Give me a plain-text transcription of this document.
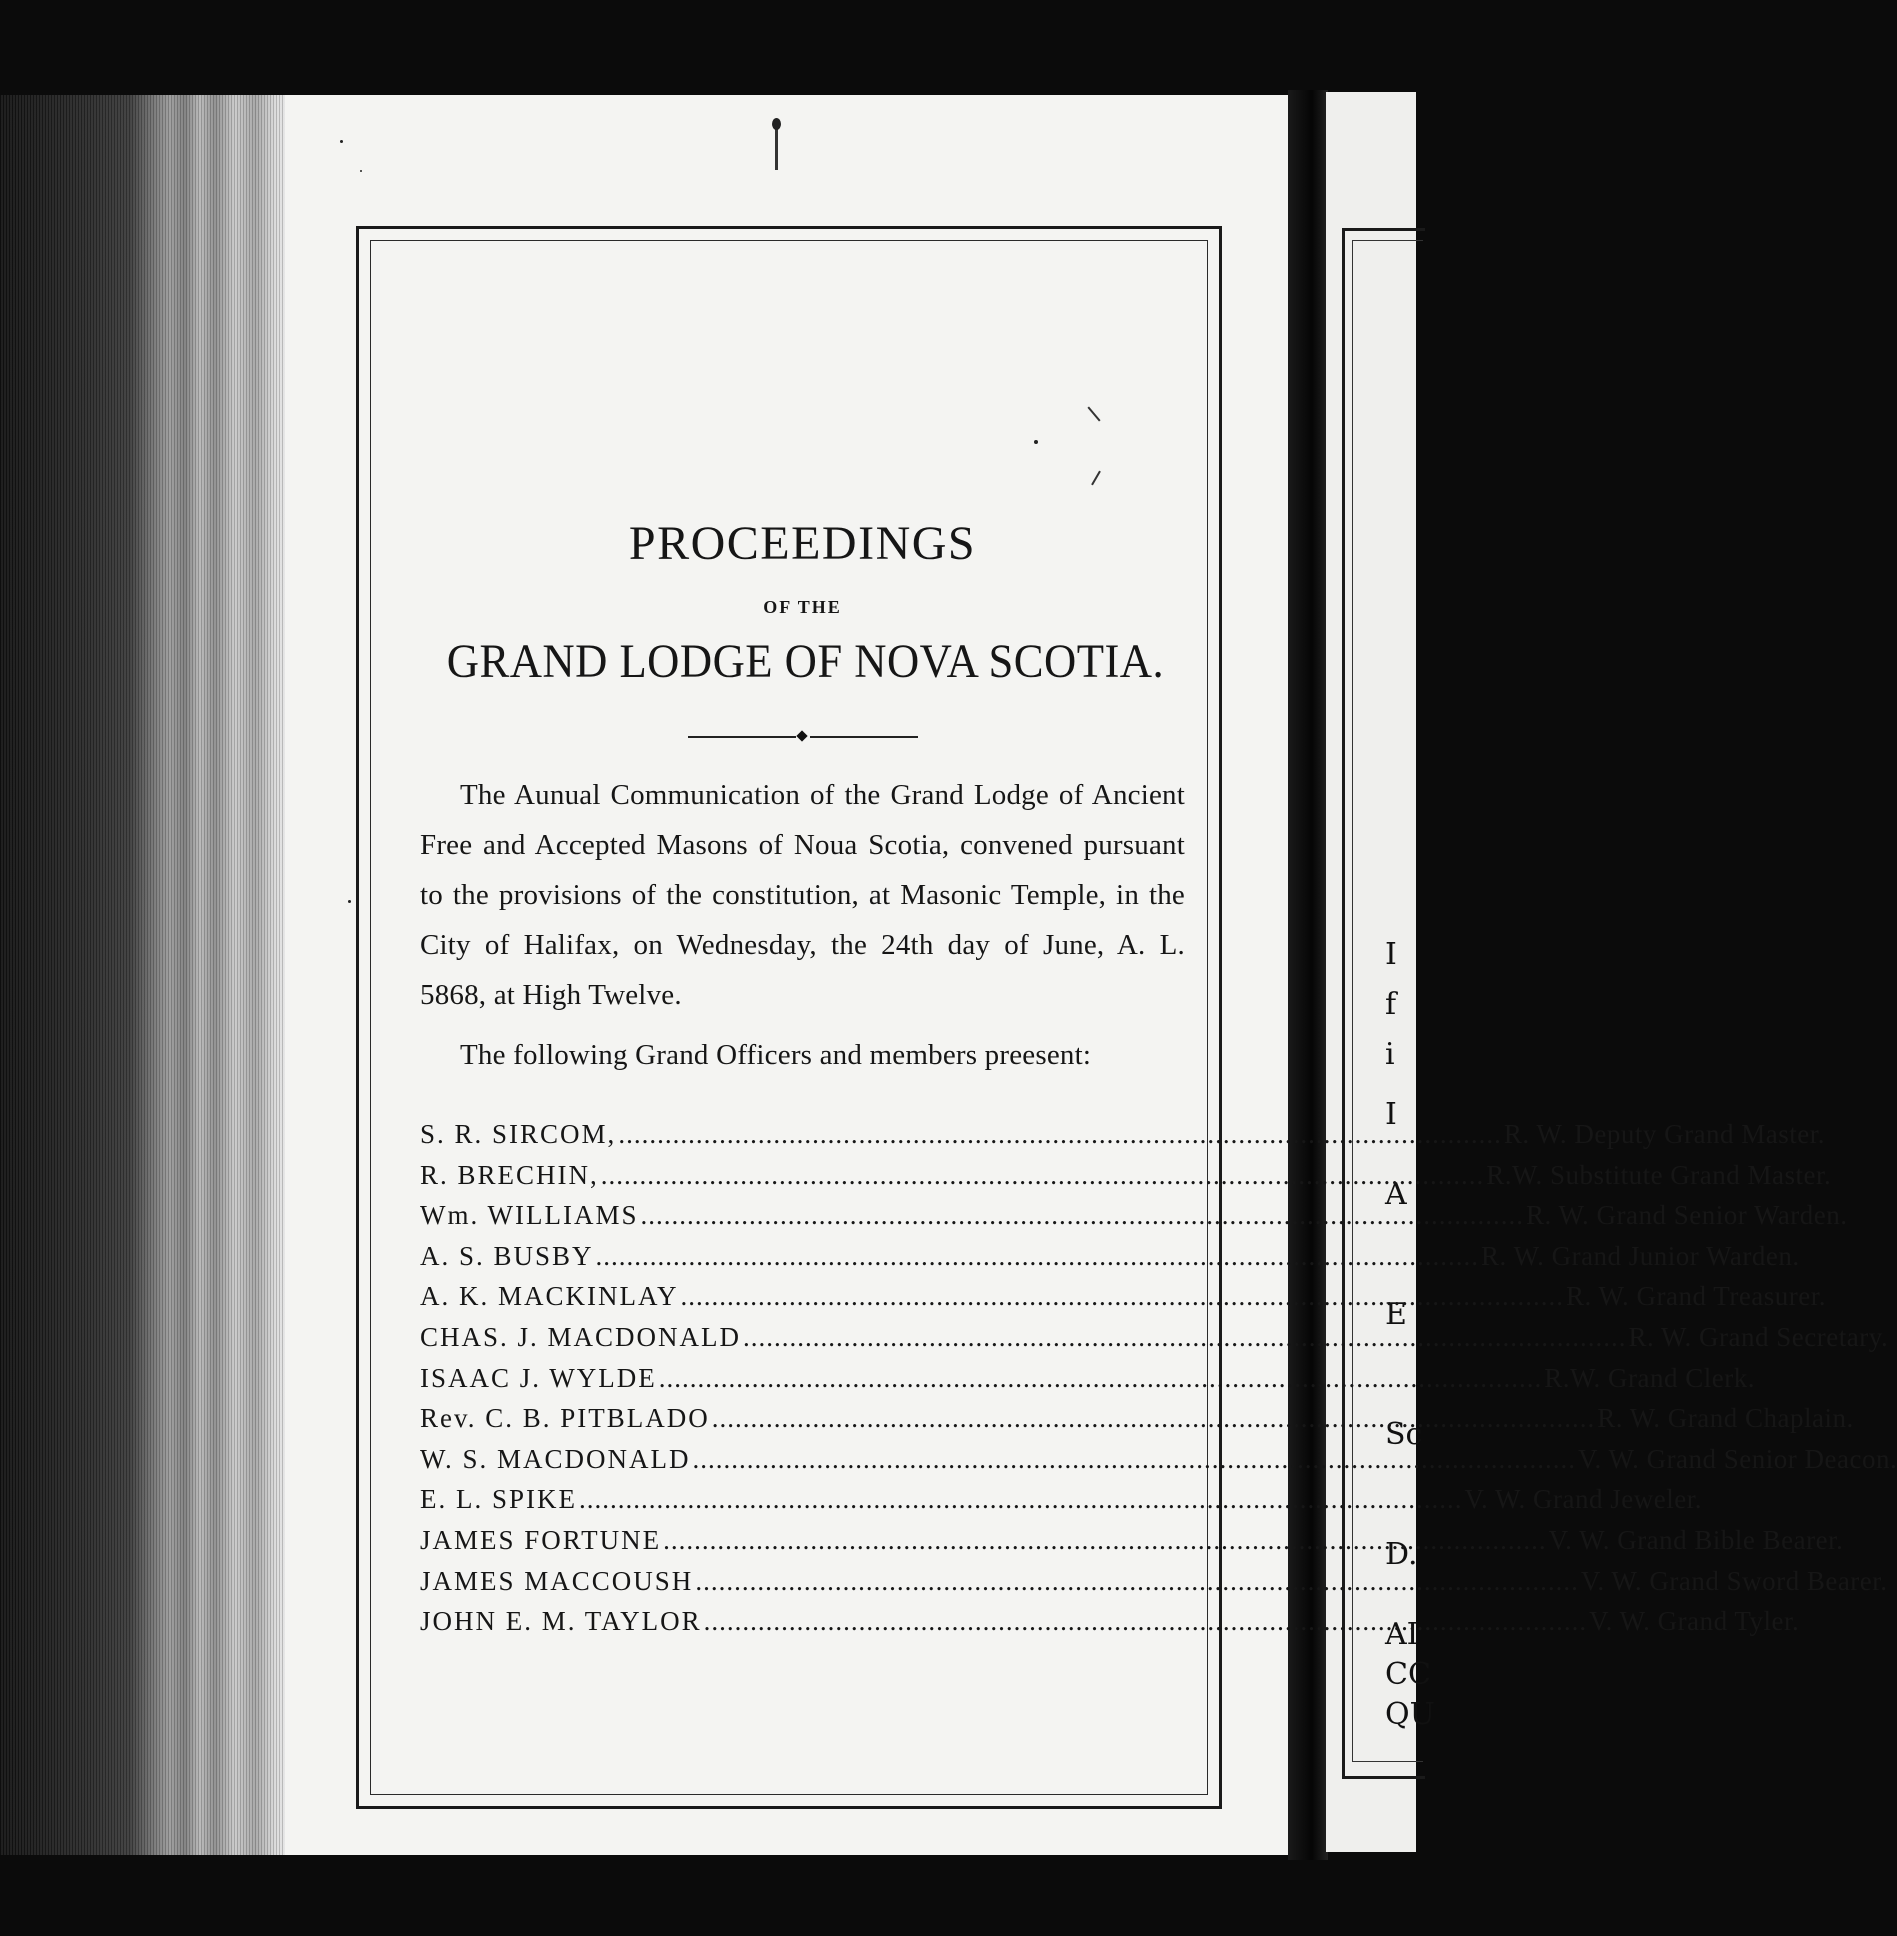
I
f
i
I
A
E
Sc
D.
AI
CC
QU
PROCEEDINGS
OF THE
GRAND LODGE OF NOVA SCOTIA.

The Aunual Communication of the Grand Lodge of Ancient Free and Accepted Masons of Noua Scotia, convened pursuant to the provisions of the constitution, at Masonic Temple, in the City of Halifax, on Wednesday, the 24th day of June, A. L. 5868, at High Twelve.

The following Grand Officers and members preesent:

S. R. SIRCOM, .....	R. W. Deputy Grand Master.
R. BRECHIN, .....	R.W. Substitute Grand Master.
Wm. WILLIAMS .....	R. W. Grand Senior Warden.
A. S. BUSBY .....	R. W. Grand Junior Warden.
A. K. MACKINLAY .....	R. W. Grand Treasurer.
CHAS. J. MACDONALD .....	R. W. Grand Secretary.
ISAAC J. WYLDE .....	R.W. Grand Clerk.
Rev. C. B. PITBLADO .....	R. W. Grand Chaplain.
W. S. MACDONALD .....	V. W. Grand Senior Deacon.
E. L. SPIKE .....	V. W. Grand Jeweler.
JAMES FORTUNE .....	V. W. Grand Bible Bearer.
JAMES MACCOUSH .....	V. W. Grand Sword Bearer.
JOHN E. M. TAYLOR .....	V. W. Grand Tyler.
